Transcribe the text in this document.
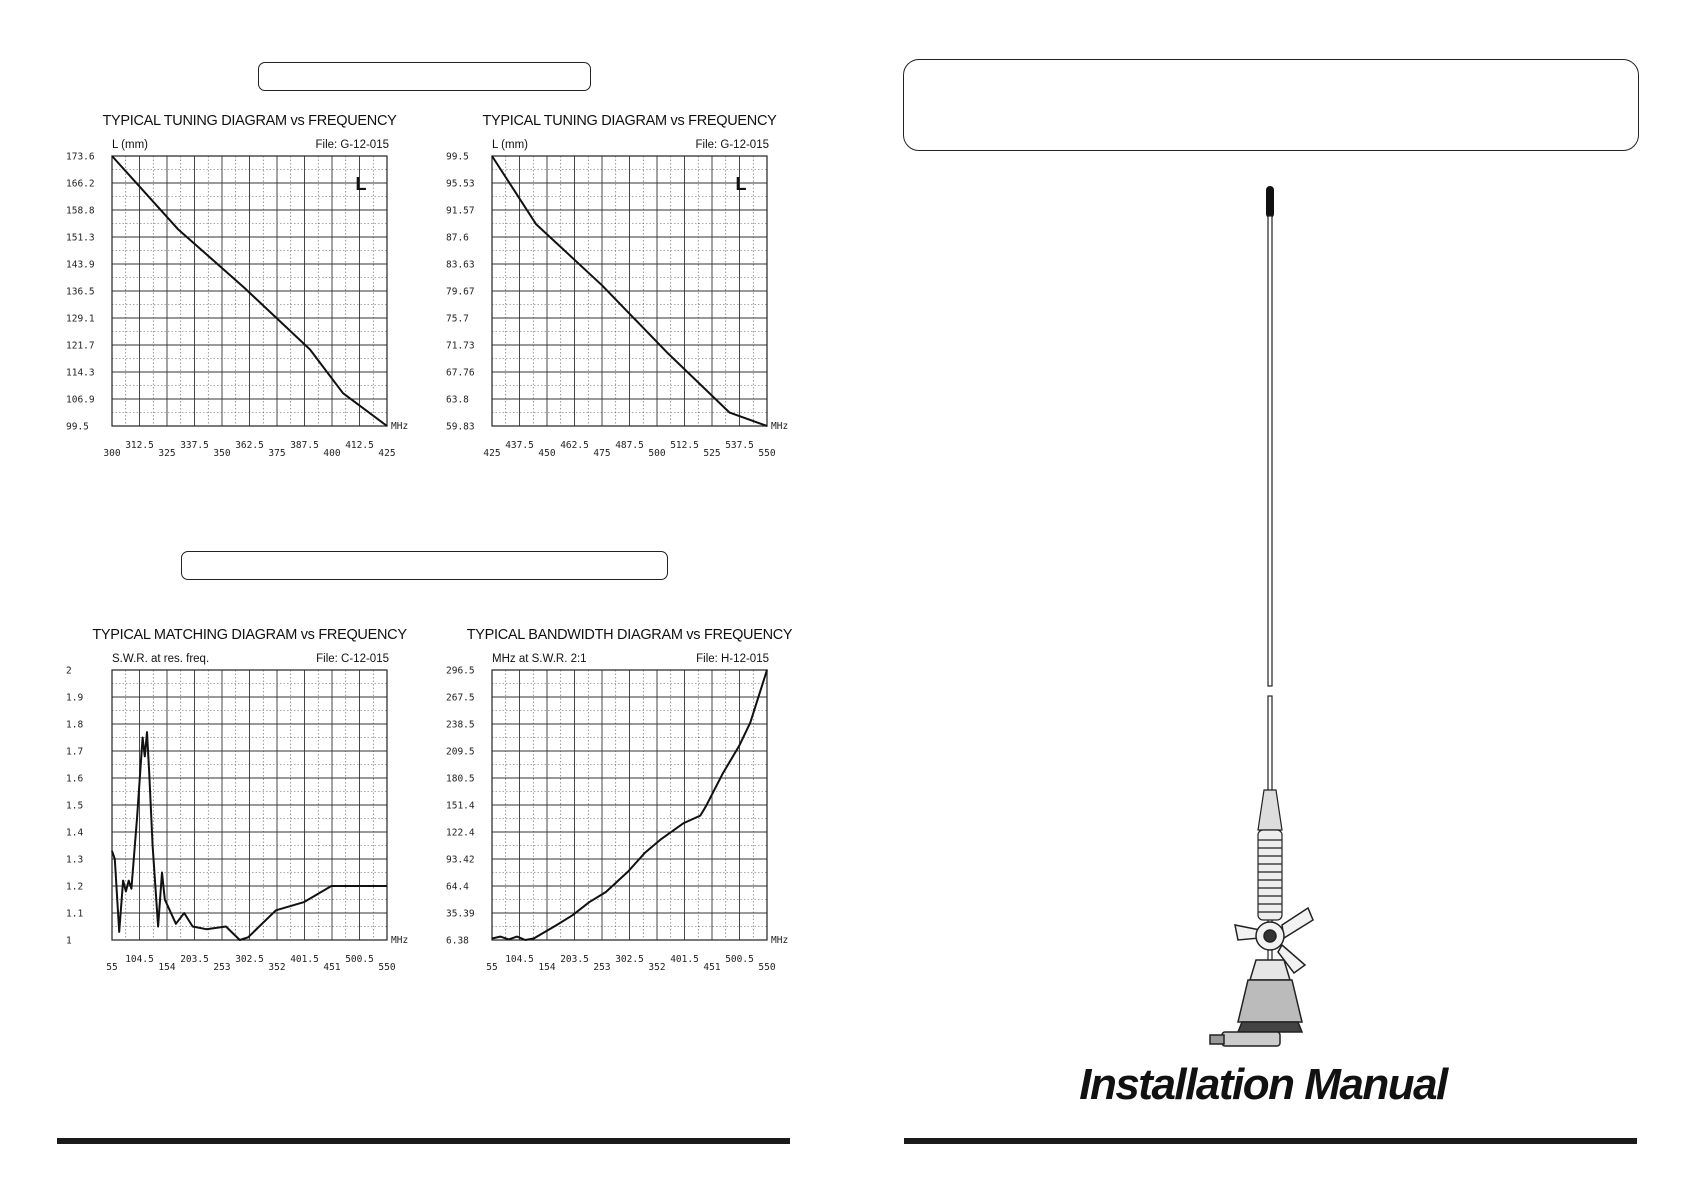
TYPICAL TUNING DIAGRAM vs FREQUENCY
L (mm)	File: G-12-015
173.6
166.2
158.8
151.3
143.9
136.5
129.1
121.7
114.3
106.9
99.5
300	325	350	375	400	425
312.5	337.5	362.5	387.5	412.5
MHz
L
TYPICAL TUNING DIAGRAM vs FREQUENCY
L (mm)	File: G-12-015
99.5
95.53
91.57
87.6
83.63
79.67
75.7
71.73
67.76
63.8
59.83
425	450	475	500	525	550
437.5	462.5	487.5	512.5	537.5
MHz
L
TYPICAL MATCHING DIAGRAM vs FREQUENCY
S.W.R. at res. freq.	File: C-12-015
2
1.9
1.8
1.7
1.6
1.5
1.4
1.3
1.2
1.1
1
55	154	253	352	451	550
104.5	203.5	302.5	401.5	500.5
MHz
TYPICAL BANDWIDTH DIAGRAM vs FREQUENCY
MHz at S.W.R. 2:1	File: H-12-015
296.5
267.5
238.5
209.5
180.5
151.4
122.4
93.42
64.4
35.39
6.38
55	154	253	352	451	550
104.5	203.5	302.5	401.5	500.5
MHz
Installation Manual
